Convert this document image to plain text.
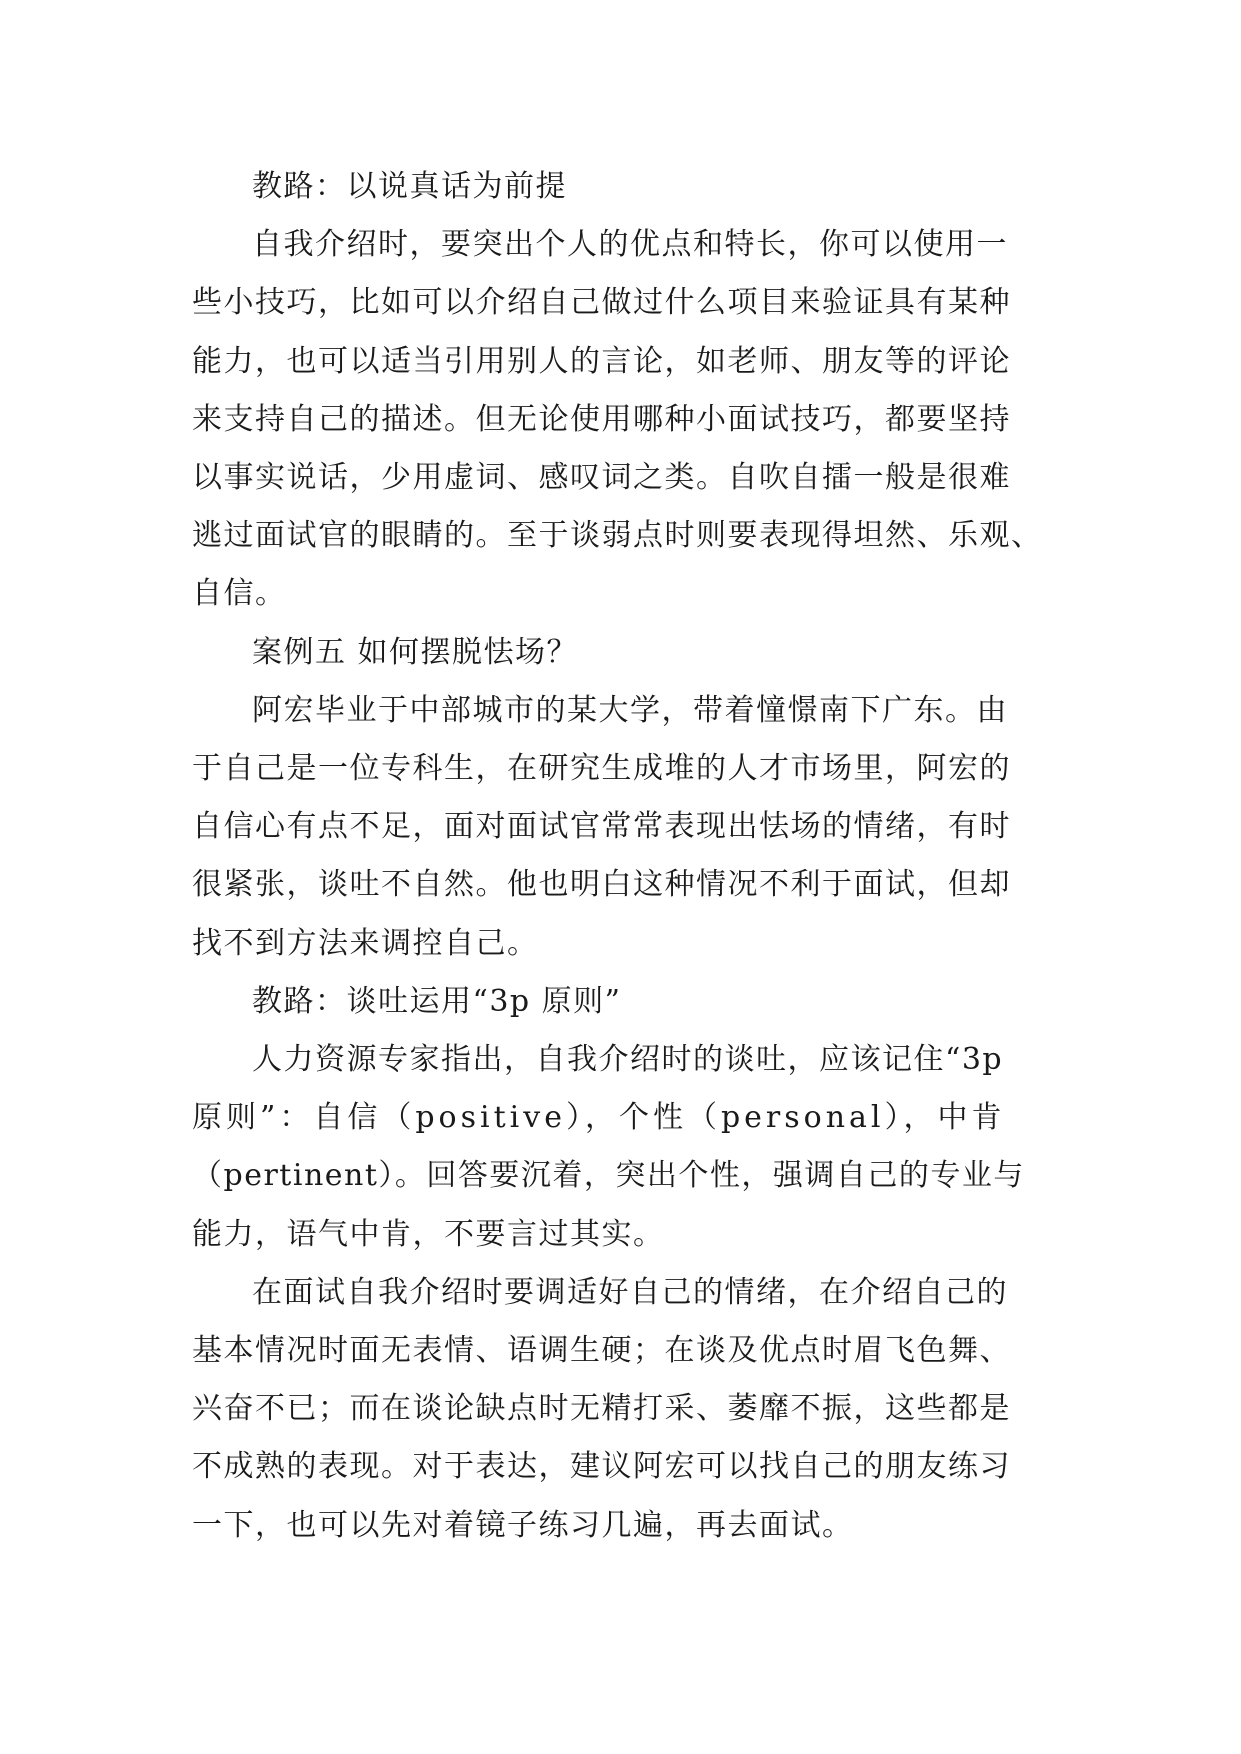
教路：以说真话为前提

自我介绍时，要突出个人的优点和特长，你可以使用一
些小技巧，比如可以介绍自己做过什么项目来验证具有某种
能力，也可以适当引用别人的言论，如老师、朋友等的评论
来支持自己的描述。但无论使用哪种小面试技巧，都要坚持
以事实说话，少用虚词、感叹词之类。自吹自擂一般是很难
逃过面试官的眼睛的。至于谈弱点时则要表现得坦然、乐观、
自信。

案例五 如何摆脱怯场？

阿宏毕业于中部城市的某大学，带着憧憬南下广东。由
于自己是一位专科生，在研究生成堆的人才市场里，阿宏的
自信心有点不足，面对面试官常常表现出怯场的情绪，有时
很紧张，谈吐不自然。他也明白这种情况不利于面试，但却
找不到方法来调控自己。

教路：谈吐运用“3p 原则”

人力资源专家指出，自我介绍时的谈吐，应该记住“3p
原则”：自信（positive），个性（personal），中肯
（pertinent）。回答要沉着，突出个性，强调自己的专业与
能力，语气中肯，不要言过其实。

在面试自我介绍时要调适好自己的情绪，在介绍自己的
基本情况时面无表情、语调生硬；在谈及优点时眉飞色舞、
兴奋不已；而在谈论缺点时无精打采、萎靡不振，这些都是
不成熟的表现。对于表达，建议阿宏可以找自己的朋友练习
一下，也可以先对着镜子练习几遍，再去面试。
